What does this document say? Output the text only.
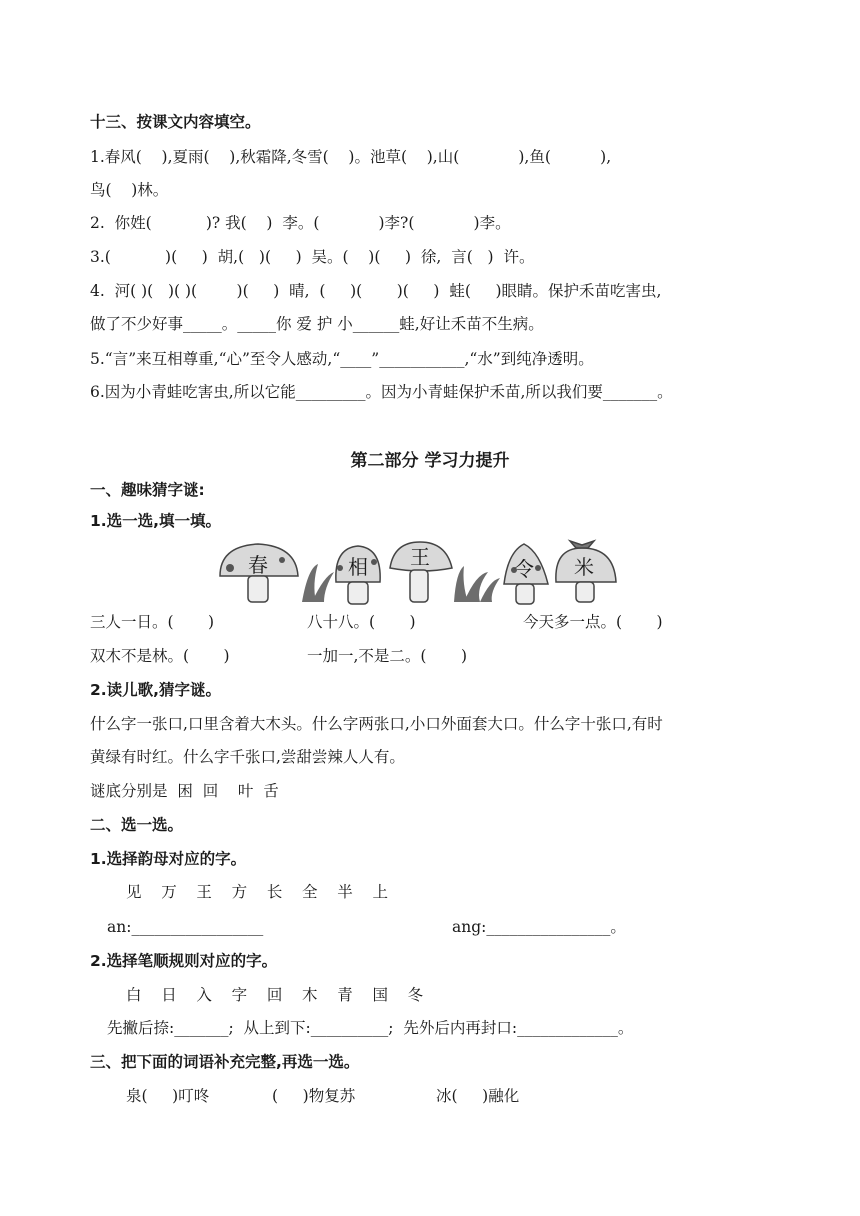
十三、按课文内容填空。
1.春风(    ),夏雨(    ),秋霜降,冬雪(    )。池草(    ),山(            ),鱼(          ),
鸟(    )林。
2.  你姓(           )? 我(    )  李。(            )李?(            )李。
3.(           )(     )  胡,(   )(     )  吴。(    )(     )  徐,  言(   )  许。
4.  河( )(   )( )(        )(     )  晴,  (     )(       )(     )  蛙(     )眼睛。保护禾苗吃害虫,
做了不少好事_____。_____你 爱 护 小______蛙,好让禾苗不生病。
5.“言”来互相尊重,“心”至令人感动,“____”___________,“水”到纯净透明。
6.因为小青蛙吃害虫,所以它能_________。因为小青蛙保护禾苗,所以我们要_______。
第二部分 学习力提升
一、趣味猜字谜:
1.选一选,填一填。
春	相 王	令 米
三人一日。(       )	八十八。(       )	今天多一点。(       )
双木不是林。(       )	一加一,不是二。(       )
2.读儿歌,猜字谜。
什么字一张口,口里含着大木头。什么字两张口,小口外面套大口。什么字十张口,有时
黄绿有时红。什么字千张口,尝甜尝辣人人有。
谜底分别是  困  回    叶  舌
二、选一选。
1.选择韵母对应的字。
见    万    王    方    长    全    半    上
an:_________________	ang:________________。
2.选择笔顺规则对应的字。
白    日    入    字    回    木    青    国    冬
先撇后捺:_______;  从上到下:__________;  先外后内再封口:_____________。
三、把下面的词语补充完整,再选一选。
泉(     )叮咚	(     )物复苏	冰(     )融化
